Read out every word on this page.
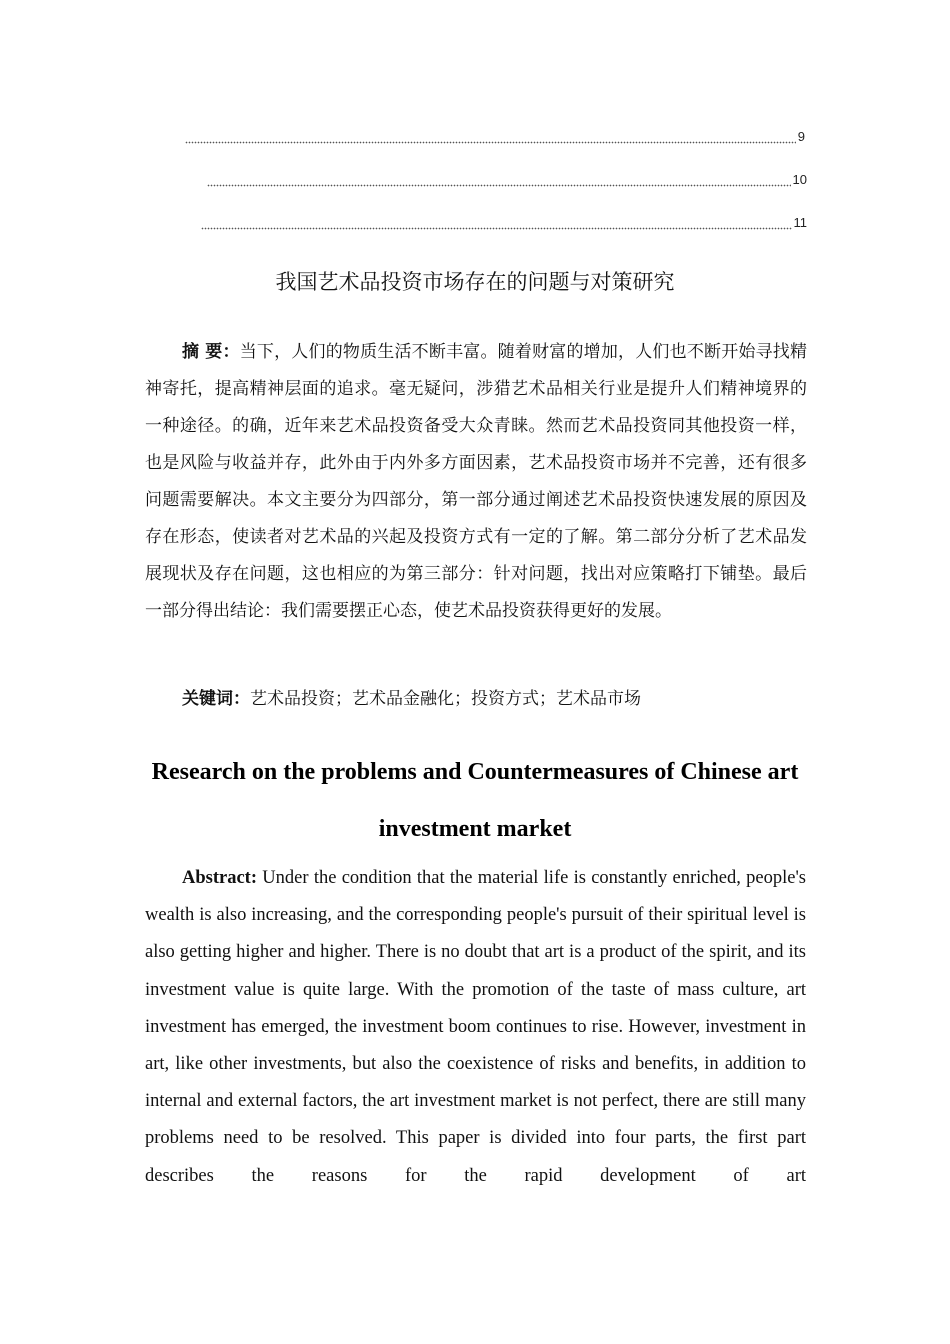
9
10
11
我国艺术品投资市场存在的问题与对策研究

摘 要：当下，人们的物质生活不断丰富。随着财富的增加，人们也不断开始寻找精神寄托，提高精神层面的追求。毫无疑问，涉猎艺术品相关行业是提升人们精神境界的一种途径。的确，近年来艺术品投资备受大众青睐。然而艺术品投资同其他投资一样，也是风险与收益并存，此外由于内外多方面因素，艺术品投资市场并不完善，还有很多问题需要解决。本文主要分为四部分，第一部分通过阐述艺术品投资快速发展的原因及存在形态，使读者对艺术品的兴起及投资方式有一定的了解。第二部分分析了艺术品发展现状及存在问题，这也相应的为第三部分：针对问题，找出对应策略打下铺垫。最后一部分得出结论：我们需要摆正心态，使艺术品投资获得更好的发展。

关键词：艺术品投资；艺术品金融化；投资方式；艺术品市场
Research on the problems and Countermeasures of Chinese art investment market

Abstract: Under the condition that the material life is constantly enriched, people's wealth is also increasing, and the corresponding people's pursuit of their spiritual level is also getting higher and higher. There is no doubt that art is a product of the spirit, and its investment value is quite large. With the promotion of the taste of mass culture, art investment has emerged, the investment boom continues to rise. However, investment in art, like other investments, but also the coexistence of risks and benefits, in addition to internal and external factors, the art investment market is not perfect, there are still many problems need to be resolved. This paper is divided into four parts, the first part describes the reasons for the rapid development of art
